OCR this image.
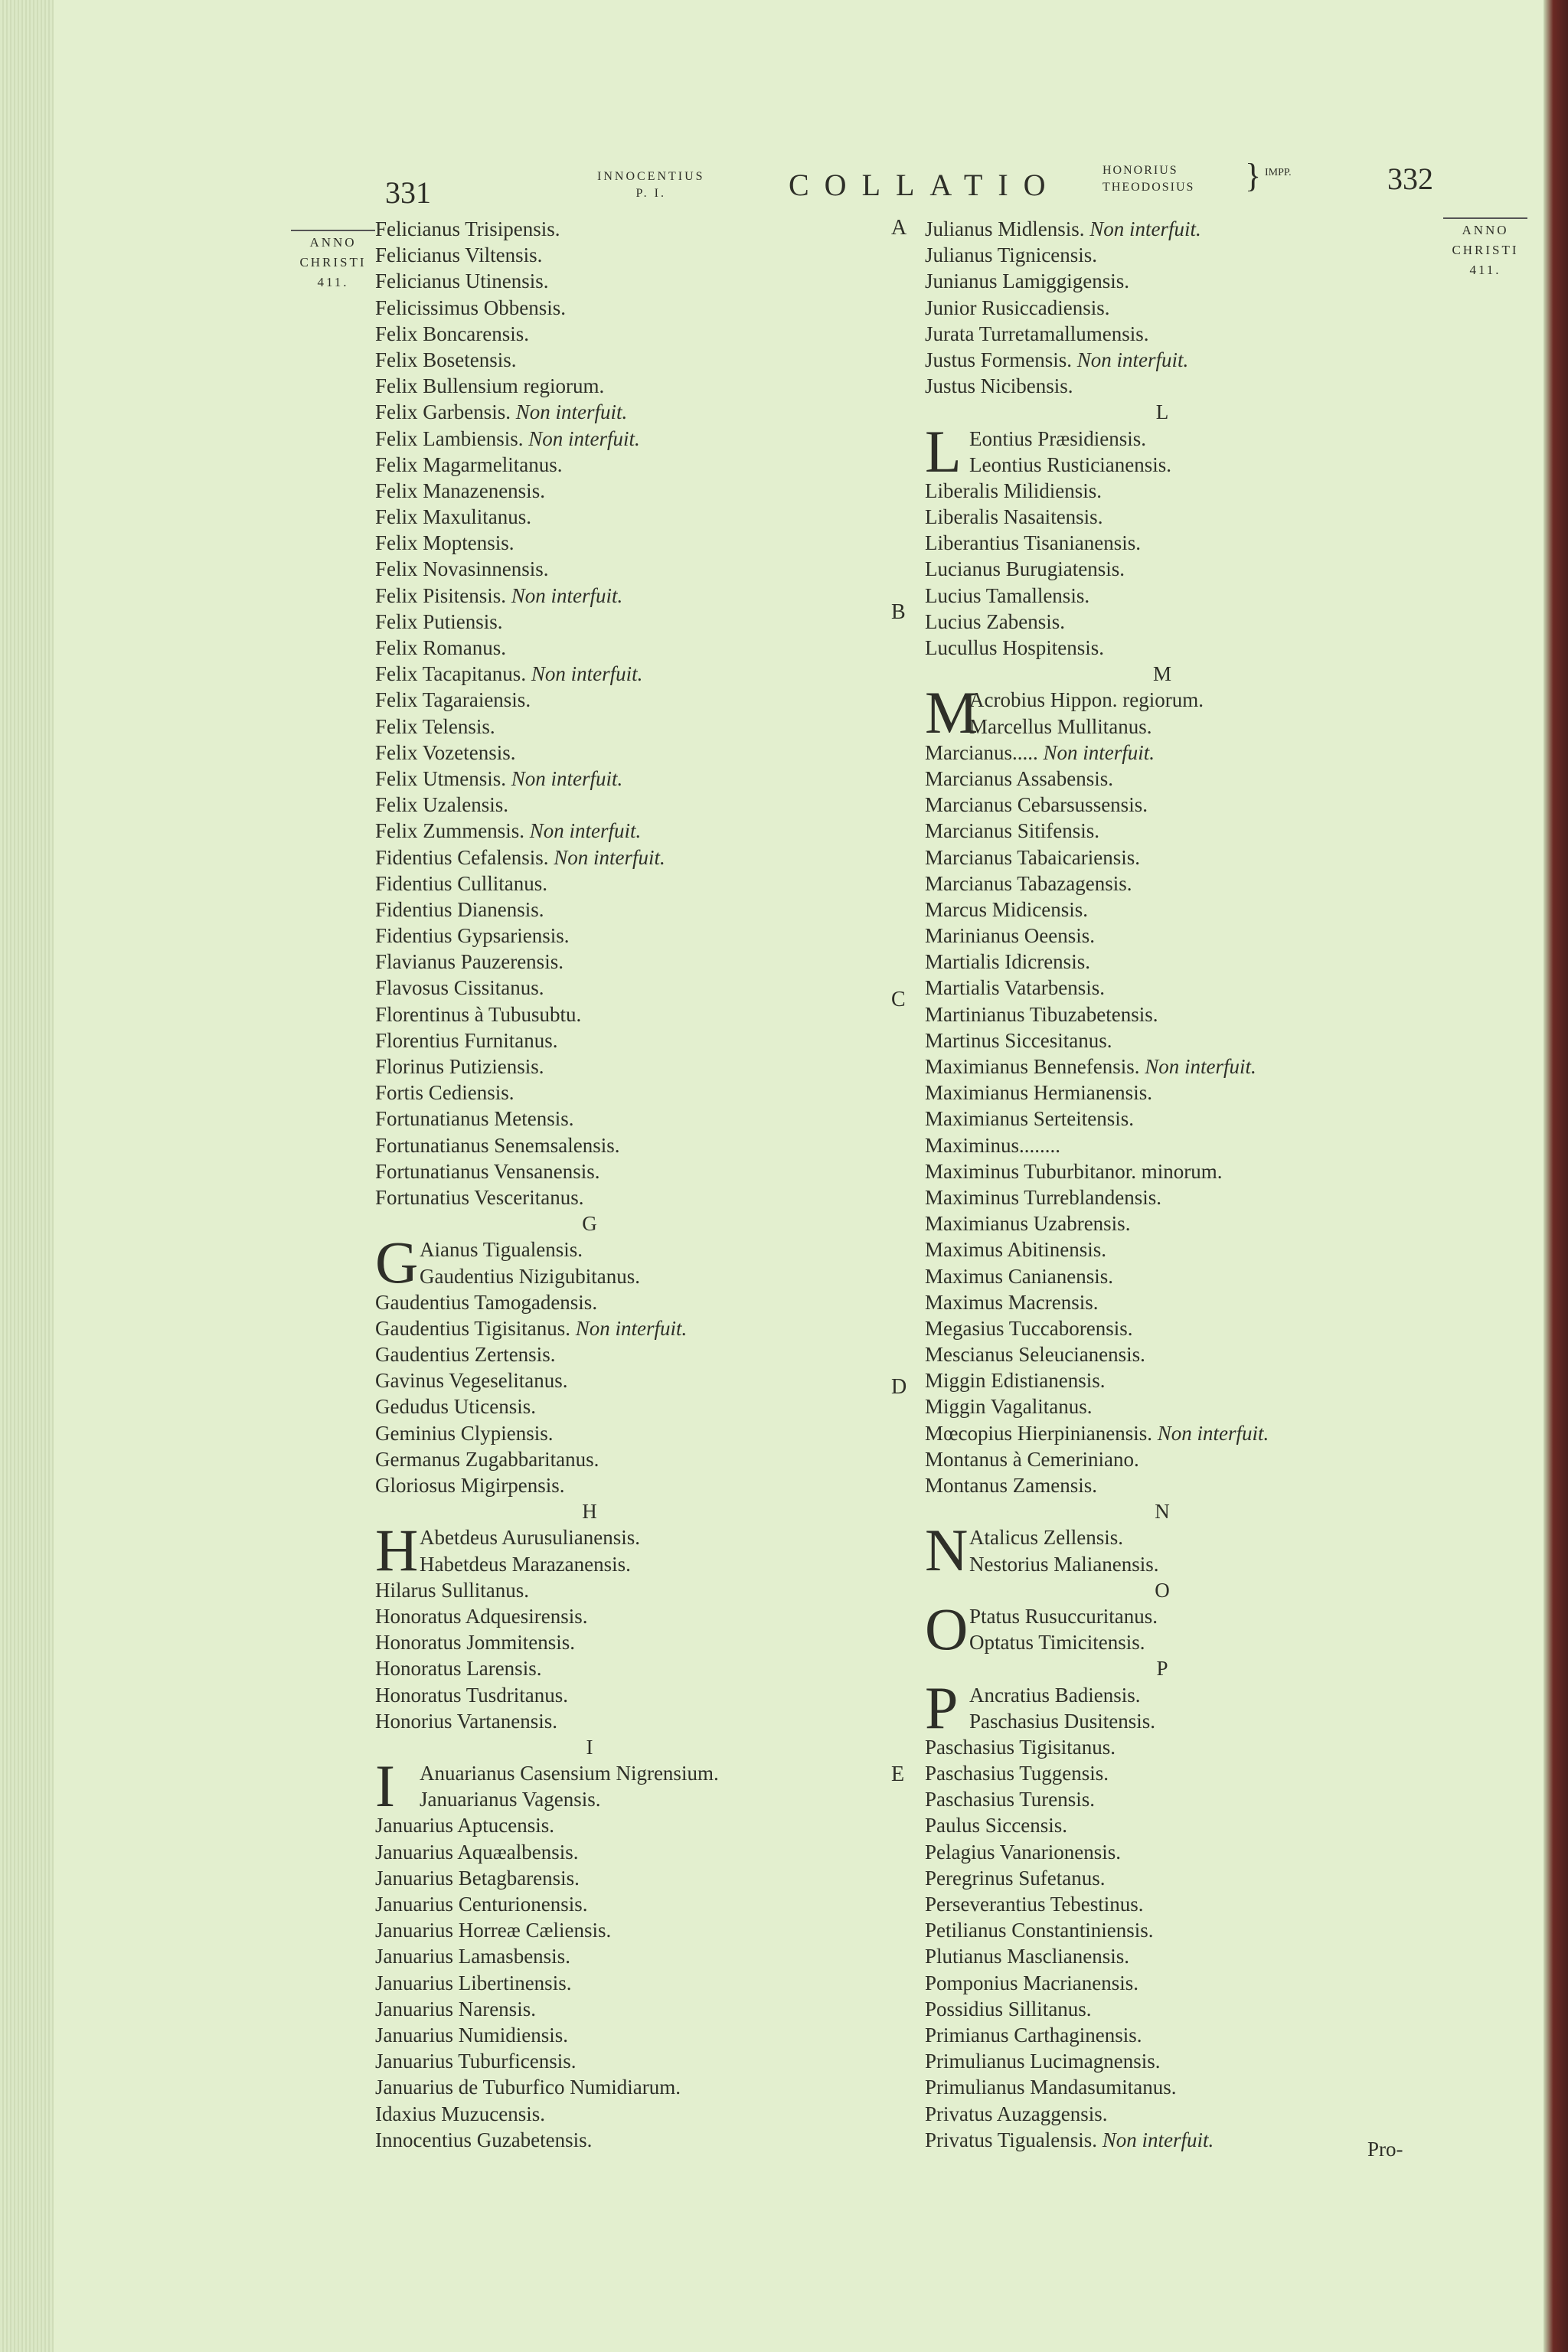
331	INNOCENTIUS
P. I.	COLLATIO	HONORIUS
THEODOSIUS } IMPP.	332
ANNO
CHRISTI
411.
ANNO
CHRISTI
411.
Felicianus Trisipensis.
Felicianus Viltensis.
Felicianus Utinensis.
Felicissimus Obbensis.
Felix Boncarensis.
Felix Bosetensis.
Felix Bullensium regiorum.
Felix Garbensis. Non interfuit.
Felix Lambiensis. Non interfuit.
Felix Magarmelitanus.
Felix Manazenensis.
Felix Maxulitanus.
Felix Moptensis.
Felix Novasinnensis.
Felix Pisitensis. Non interfuit.
Felix Putiensis.
Felix Romanus.
Felix Tacapitanus. Non interfuit.
Felix Tagaraiensis.
Felix Telensis.
Felix Vozetensis.
Felix Utmensis. Non interfuit.
Felix Uzalensis.
Felix Zummensis. Non interfuit.
Fidentius Cefalensis. Non interfuit.
Fidentius Cullitanus.
Fidentius Dianensis.
Fidentius Gypsariensis.
Flavianus Pauzerensis.
Flavosus Cissitanus.
Florentinus à Tubusubtu.
Florentius Furnitanus.
Florinus Putiziensis.
Fortis Cediensis.
Fortunatianus Metensis.
Fortunatianus Senemsalensis.
Fortunatianus Vensanensis.
Fortunatius Vesceritanus.
G
G Aianus Tigualensis.
Gaudentius Nizigubitanus.
Gaudentius Tamogadensis.
Gaudentius Tigisitanus. Non interfuit.
Gaudentius Zertensis.
Gavinus Vegeselitanus.
Gedudus Uticensis.
Geminius Clypiensis.
Germanus Zugabbaritanus.
Gloriosus Migirpensis.
H
H Abetdeus Aurusulianensis.
Habetdeus Marazanensis.
Hilarus Sullitanus.
Honoratus Adquesirensis.
Honoratus Jommitensis.
Honoratus Larensis.
Honoratus Tusdritanus.
Honorius Vartanensis.
I
I Anuarianus Casensium Nigrensium.
Januarianus Vagensis.
Januarius Aptucensis.
Januarius Aquæalbensis.
Januarius Betagbarensis.
Januarius Centurionensis.
Januarius Horreæ Cæliensis.
Januarius Lamasbensis.
Januarius Libertinensis.
Januarius Narensis.
Januarius Numidiensis.
Januarius Tuburficensis.
Januarius de Tuburfico Numidiarum.
Idaxius Muzucensis.
Innocentius Guzabetensis.
Julianus Midlensis. Non interfuit.
Julianus Tignicensis.
Junianus Lamiggigensis.
Junior Rusiccadiensis.
Jurata Turretamallumensis.
Justus Formensis. Non interfuit.
Justus Nicibensis.
L
L Eontius Præsidiensis.
Leontius Rusticianensis.
Liberalis Milidiensis.
Liberalis Nasaitensis.
Liberantius Tisanianensis.
Lucianus Burugiatensis.
Lucius Tamallensis.
Lucius Zabensis.
Lucullus Hospitensis.
M
M
Acrobius Hippon. regiorum.
Marcellus Mullitanus.
Marcianus..... Non interfuit.
Marcianus Assabensis.
Marcianus Cebarsussensis.
Marcianus Sitifensis.
Marcianus Tabaicariensis.
Marcianus Tabazagensis.
Marcus Midicensis.
Marinianus Oeensis.
Martialis Idicrensis.
Martialis Vatarbensis.
Martinianus Tibuzabetensis.
Martinus Siccesitanus.
Maximianus Bennefensis. Non interfuit.
Maximianus Hermianensis.
Maximianus Serteitensis.
Maximinus........
Maximinus Tuburbitanor. minorum.
Maximinus Turreblandensis.
Maximianus Uzabrensis.
Maximus Abitinensis.
Maximus Canianensis.
Maximus Macrensis.
Megasius Tuccaborensis.
Mescianus Seleucianensis.
Miggin Edistianensis.
Miggin Vagalitanus.
Mœcopius Hierpinianensis. Non interfuit.
Montanus à Cemeriniano.
Montanus Zamensis.
N
N Atalicus Zellensis.
Nestorius Malianensis.
O
O Ptatus Rusuccuritanus.
Optatus Timicitensis.
P
P Ancratius Badiensis.
Paschasius Dusitensis.
Paschasius Tigisitanus.
Paschasius Tuggensis.
Paschasius Turensis.
Paulus Siccensis.
Pelagius Vanarionensis.
Peregrinus Sufetanus.
Perseverantius Tebestinus.
Petilianus Constantiniensis.
Plutianus Masclianensis.
Pomponius Macrianensis.
Possidius Sillitanus.
Primianus Carthaginensis.
Primulianus Lucimagnensis.
Primulianus Mandasumitanus.
Privatus Auzaggensis.
Privatus Tigualensis. Non interfuit.
A
B
C
D
E
Pro-
